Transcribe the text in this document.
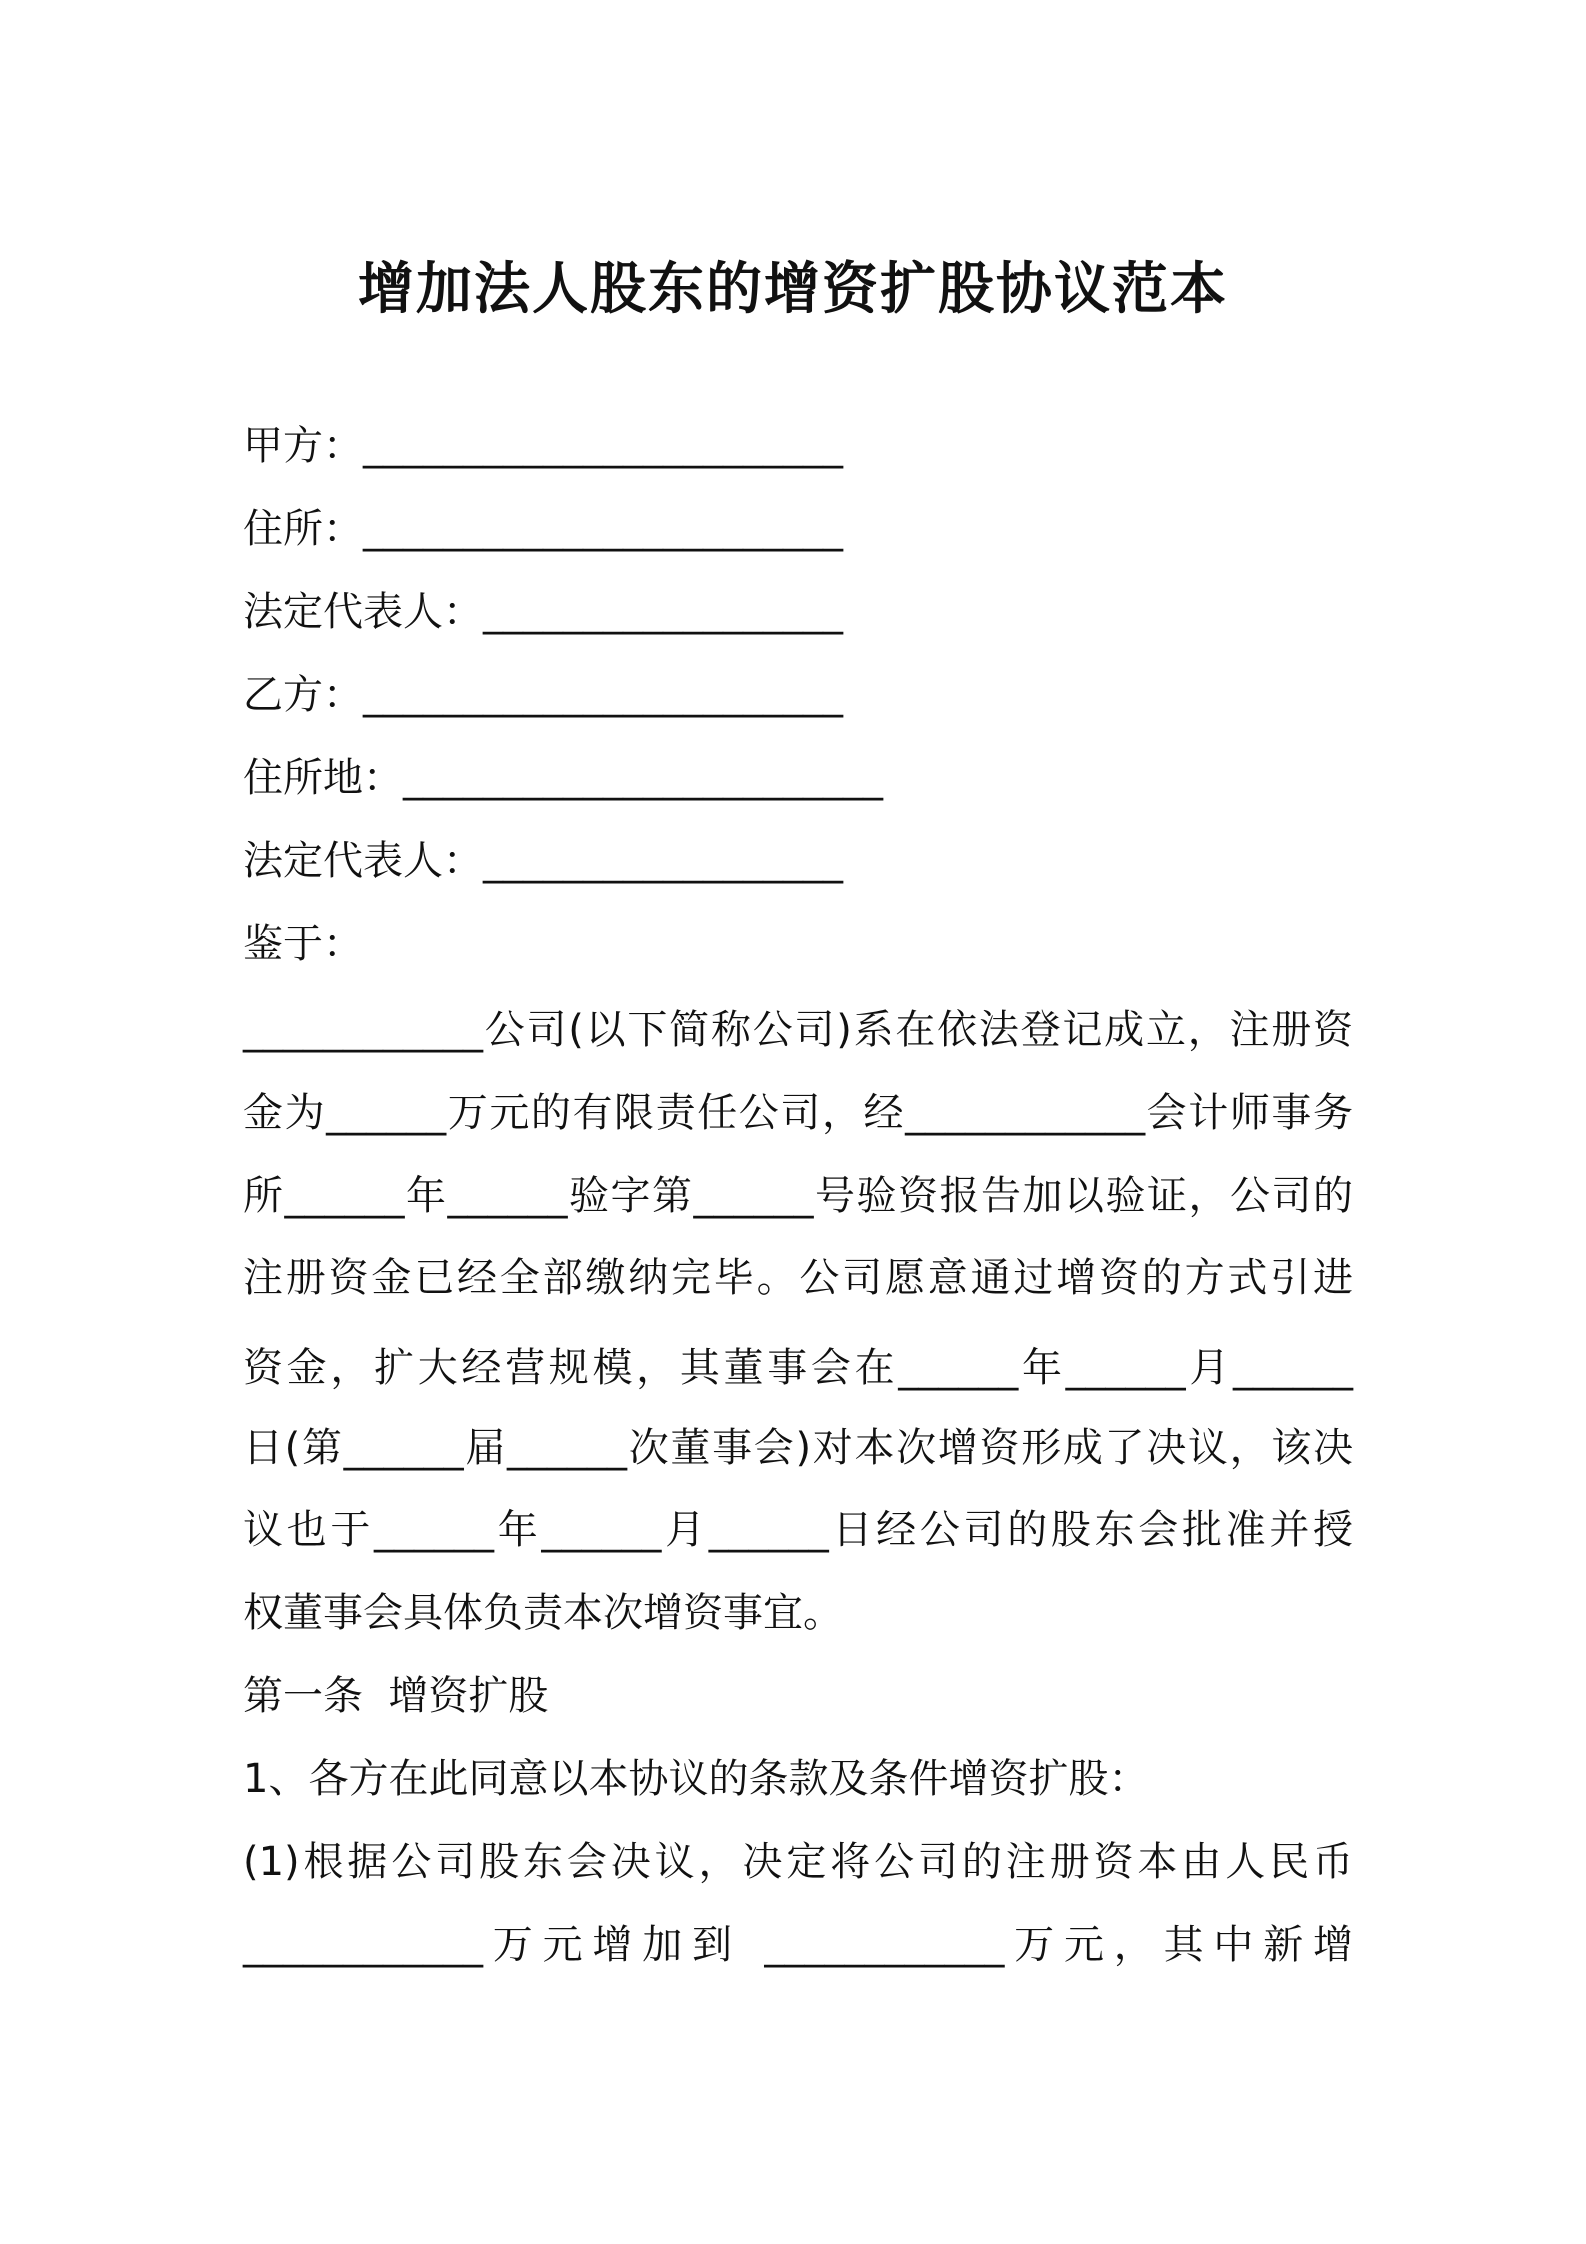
增加法人股东的增资扩股协议范本
甲方：________________________
住所：________________________
法定代表人：__________________
乙方：________________________
住所地：________________________
法定代表人：__________________
鉴于：
____________公司(以下简称公司)系在依法登记成立，注册资
金为______万元的有限责任公司，经____________会计师事务
所______年______验字第______号验资报告加以验证，公司的
注册资金已经全部缴纳完毕。公司愿意通过增资的方式引进
资金，扩大经营规模，其董事会在______年______月______
日(第______届______次董事会)对本次增资形成了决议，该决
议也于______年______月______日经公司的股东会批准并授
权董事会具体负责本次增资事宜。
第一条  增资扩股
1、各方在此同意以本协议的条款及条件增资扩股：
(1)根据公司股东会决议，决定将公司的注册资本由人民币
____________万元增加到 ____________万元，其中新增
